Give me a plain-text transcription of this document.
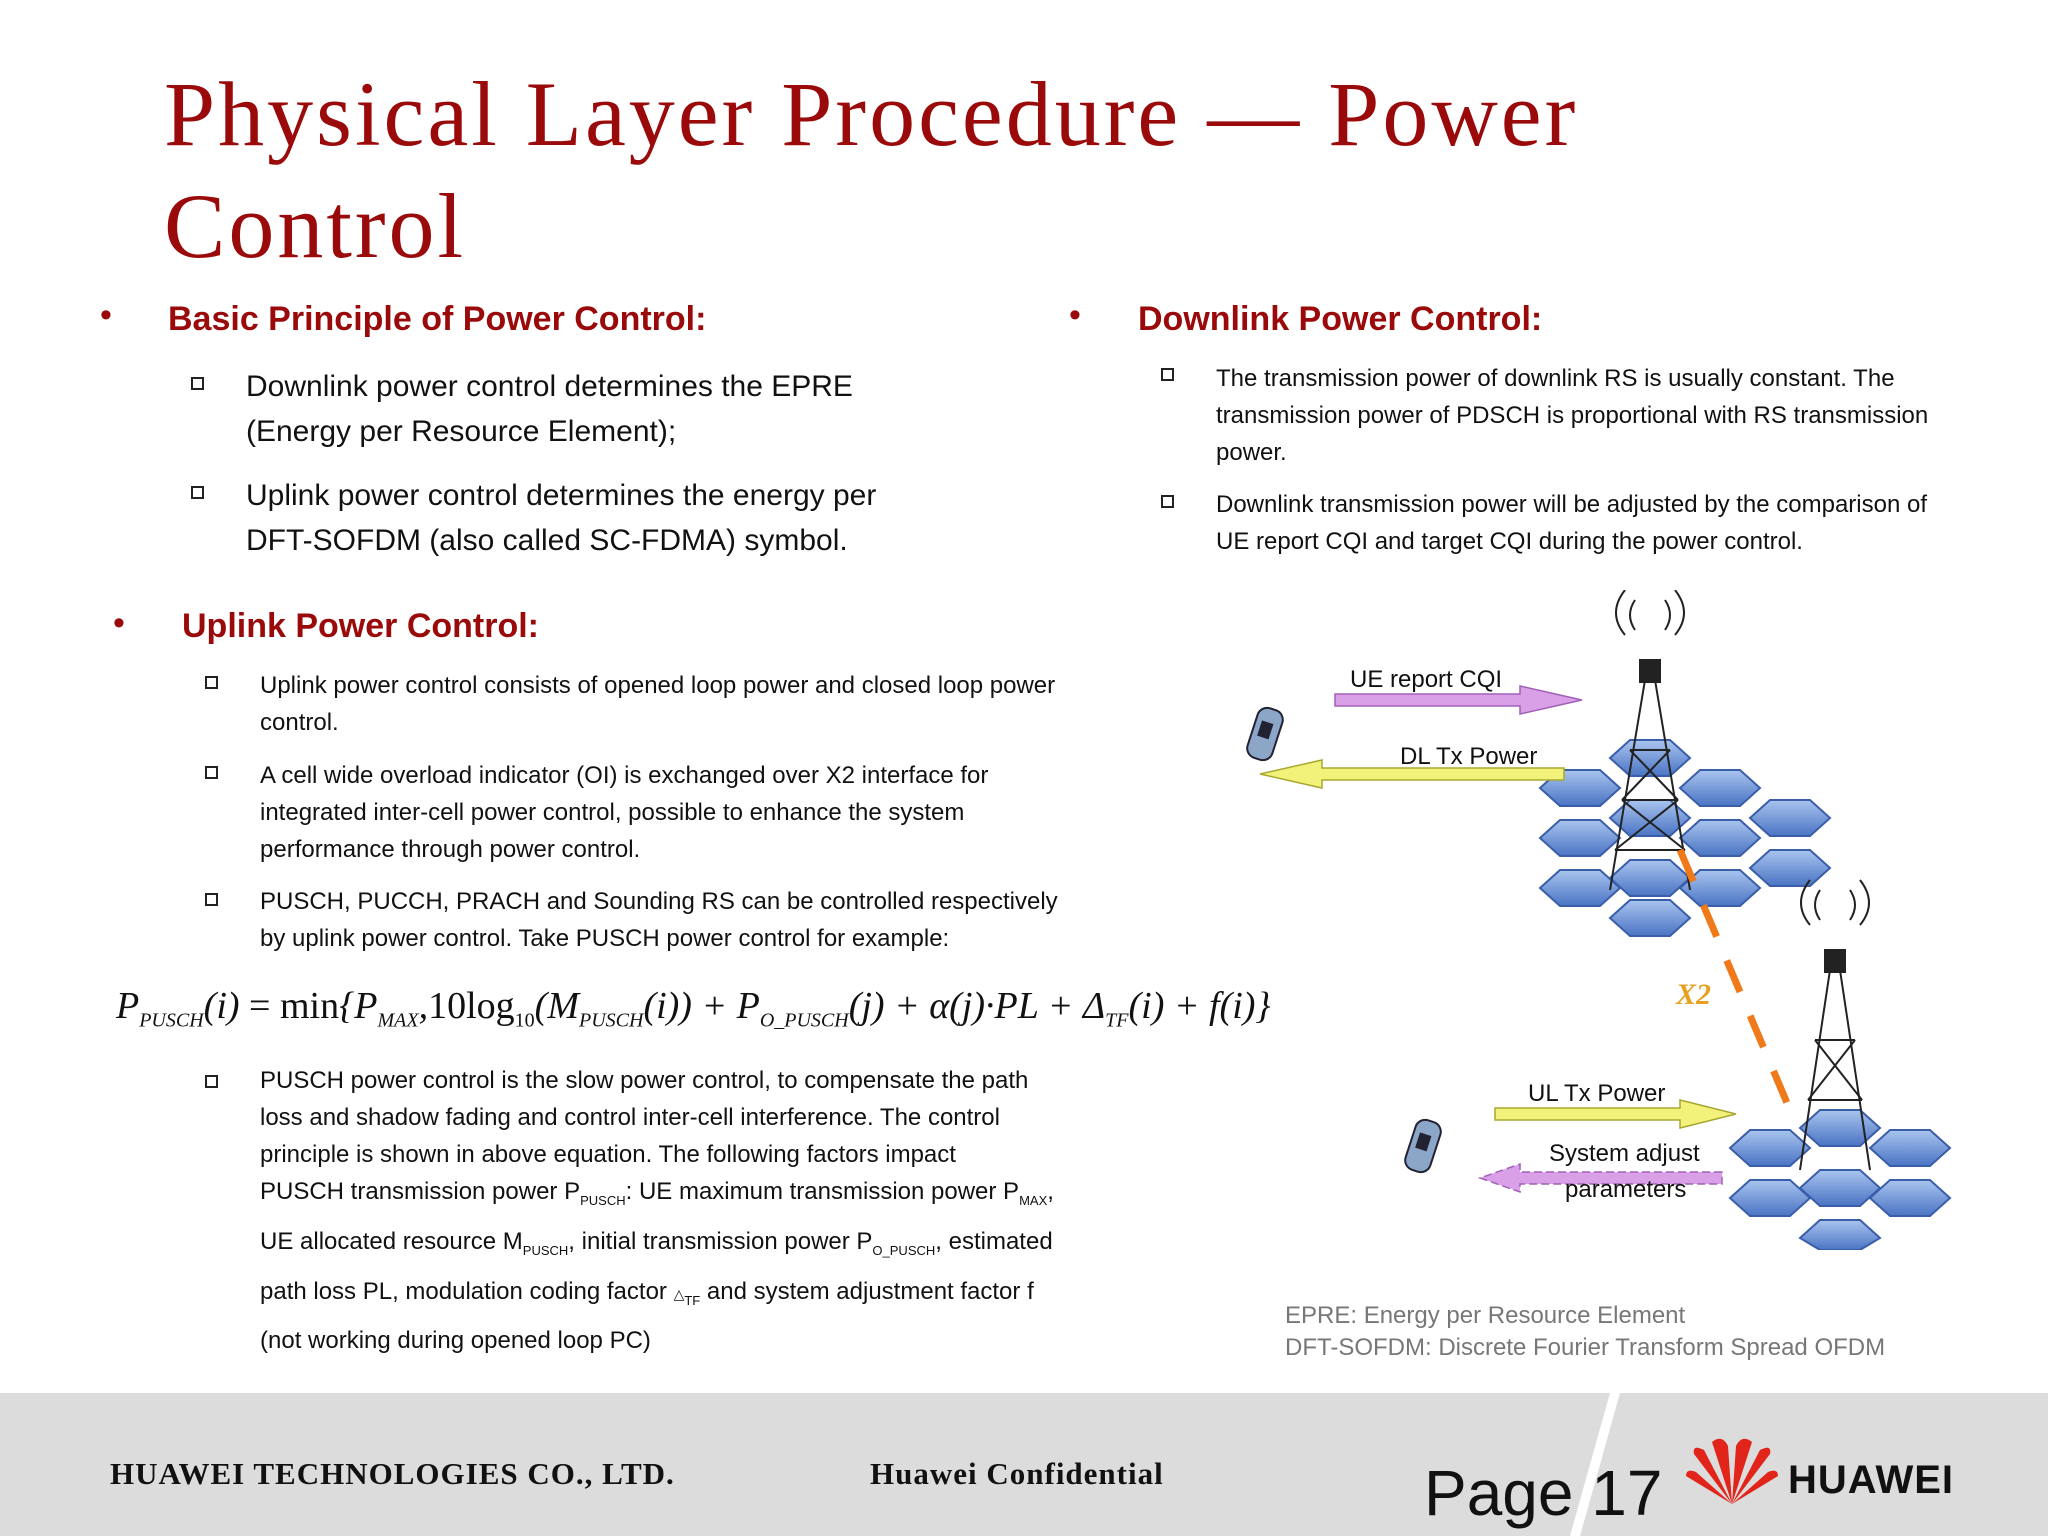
Physical Layer Procedure — Power Control
• Basic Principle of Power Control:
Downlink power control determines the EPRE (Energy per Resource Element);
Uplink power control determines the energy per DFT-SOFDM (also called SC-FDMA) symbol.
• Uplink Power Control:
Uplink power control consists of opened loop power and closed loop power control.
A cell wide overload indicator (OI) is exchanged over X2 interface for integrated inter-cell power control, possible to enhance the system performance through power control.
PUSCH, PUCCH, PRACH and Sounding RS can be controlled respectively by uplink power control. Take PUSCH power control for example:
$P_{PUSCH}(i) = \min\{P_{MAX},10\log_{10}(M_{PUSCH}(i)) + P_{O\_PUSCH}(j) + \alpha(j)\cdot PL + \Delta_{TF}(i) + f(i)\}$
PUSCH power control is the slow power control, to compensate the path
loss and shadow fading and control inter-cell interference. The control
principle is shown in above equation. The following factors impact
PUSCH transmission power $P_{PUSCH}$: UE maximum transmission power $P_{MAX}$,
UE allocated resource $M_{PUSCH}$, initial transmission power $P_{O\_PUSCH}$, estimated
path loss PL, modulation coding factor $\triangle_{TF}$ and system adjustment factor f
(not working during opened loop PC)
• Downlink Power Control:
The transmission power of downlink RS is usually constant. The transmission power of PDSCH is proportional with RS transmission power.
Downlink transmission power will be adjusted by the comparison of UE report CQI and target CQI during the power control.
UE report CQI
DL Tx Power
X2
UL Tx Power
System adjust
parameters
EPRE: Energy per Resource Element
DFT-SOFDM: Discrete Fourier Transform Spread OFDM
HUAWEI TECHNOLOGIES CO., LTD.	Huawei Confidential	Page 17	HUAWEI
